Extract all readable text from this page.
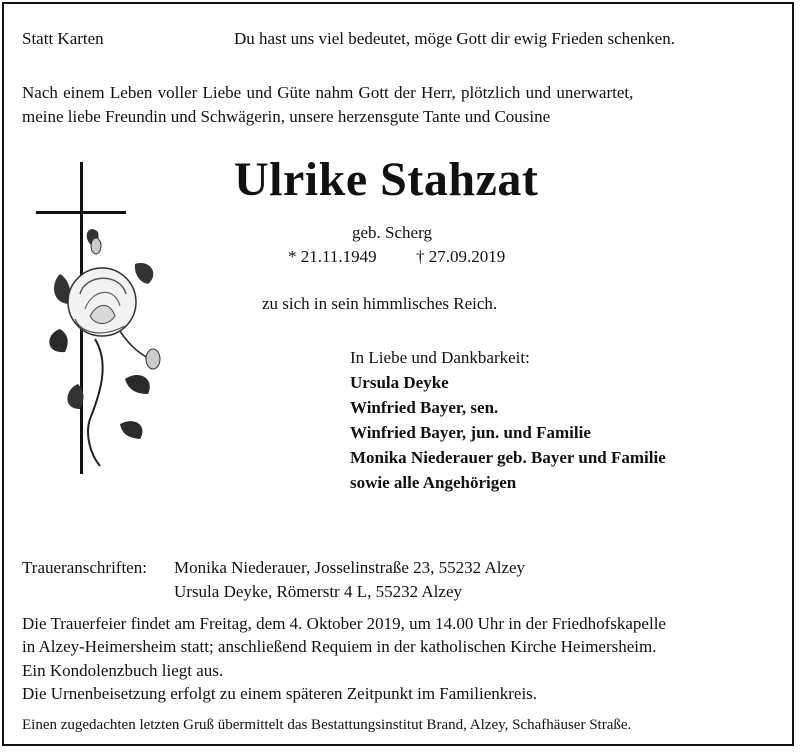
Statt Karten	Du hast uns viel bedeutet, möge Gott dir ewig Frieden schenken.
Nach einem Leben voller Liebe und Güte nahm Gott der Herr, plötzlich und unerwartet,
meine liebe Freundin und Schwägerin, unsere herzensgute Tante und Cousine
Ulrike Stahzat
geb. Scherg
* 21.11.1949 † 27.09.2019
zu sich in sein himmlisches Reich.
In Liebe und Dankbarkeit:
Ursula Deyke
Winfried Bayer, sen.
Winfried Bayer, jun. und Familie
Monika Niederauer geb. Bayer und Familie
sowie alle Angehörigen
Traueranschriften: Monika Niederauer, Josselinstraße 23, 55232 Alzey
Ursula Deyke, Römerstr 4 L, 55232 Alzey
Die Trauerfeier findet am Freitag, dem 4. Oktober 2019, um 14.00 Uhr in der Friedhofskapelle
in Alzey-Heimersheim statt; anschließend Requiem in der katholischen Kirche Heimersheim.
Ein Kondolenzbuch liegt aus.
Die Urnenbeisetzung erfolgt zu einem späteren Zeitpunkt im Familienkreis.
Einen zugedachten letzten Gruß übermittelt das Bestattungsinstitut Brand, Alzey, Schafhäuser Straße.
